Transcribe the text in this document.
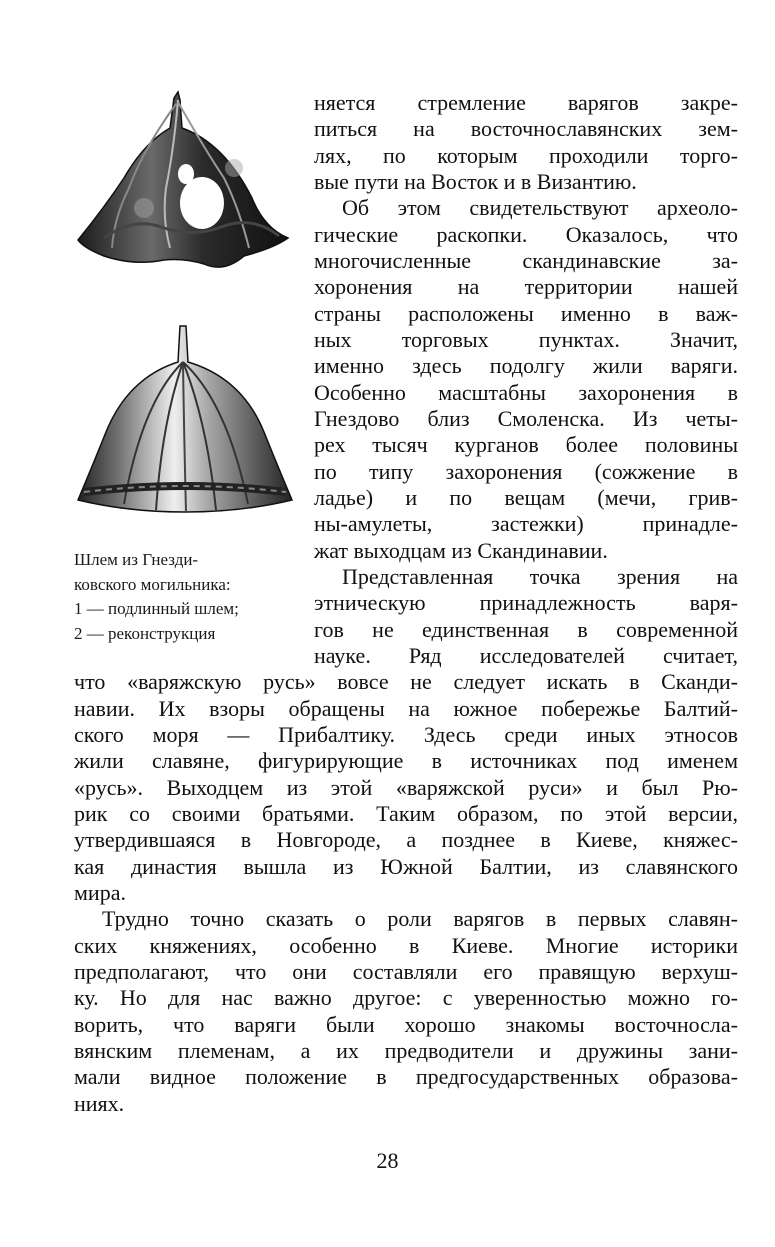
Шлем из Гнезди-
ковского могильника:
1 — подлинный шлем;
2 — реконструкция
няется стремление варягов закре-
питься на восточнославянских зем-
лях, по которым проходили торго-
вые пути на Восток и в Византию.
Об этом свидетельствуют археоло-
гические раскопки. Оказалось, что
многочисленные скандинавские за-
хоронения на территории нашей
страны расположены именно в важ-
ных торговых пунктах. Значит,
именно здесь подолгу жили варяги.
Особенно масштабны захоронения в
Гнездово близ Смоленска. Из четы-
рех тысяч курганов более половины
по типу захоронения (сожжение в
ладье) и по вещам (мечи, грив-
ны-амулеты, застежки) принадле-
жат выходцам из Скандинавии.
Представленная точка зрения на
этническую принадлежность варя-
гов не единственная в современной
науке. Ряд исследователей считает,
что «варяжскую русь» вовсе не следует искать в Сканди-
навии. Их взоры обращены на южное побережье Балтий-
ского моря — Прибалтику. Здесь среди иных этносов
жили славяне, фигурирующие в источниках под именем
«русь». Выходцем из этой «варяжской руси» и был Рю-
рик со своими братьями. Таким образом, по этой версии,
утвердившаяся в Новгороде, а позднее в Киеве, княжес-
кая династия вышла из Южной Балтии, из славянского
мира.
Трудно точно сказать о роли варягов в первых славян-
ских княжениях, особенно в Киеве. Многие историки
предполагают, что они составляли его правящую верхуш-
ку. Но для нас важно другое: с уверенностью можно го-
ворить, что варяги были хорошо знакомы восточносла-
вянским племенам, а их предводители и дружины зани-
мали видное положение в предгосударственных образова-
ниях.
28
